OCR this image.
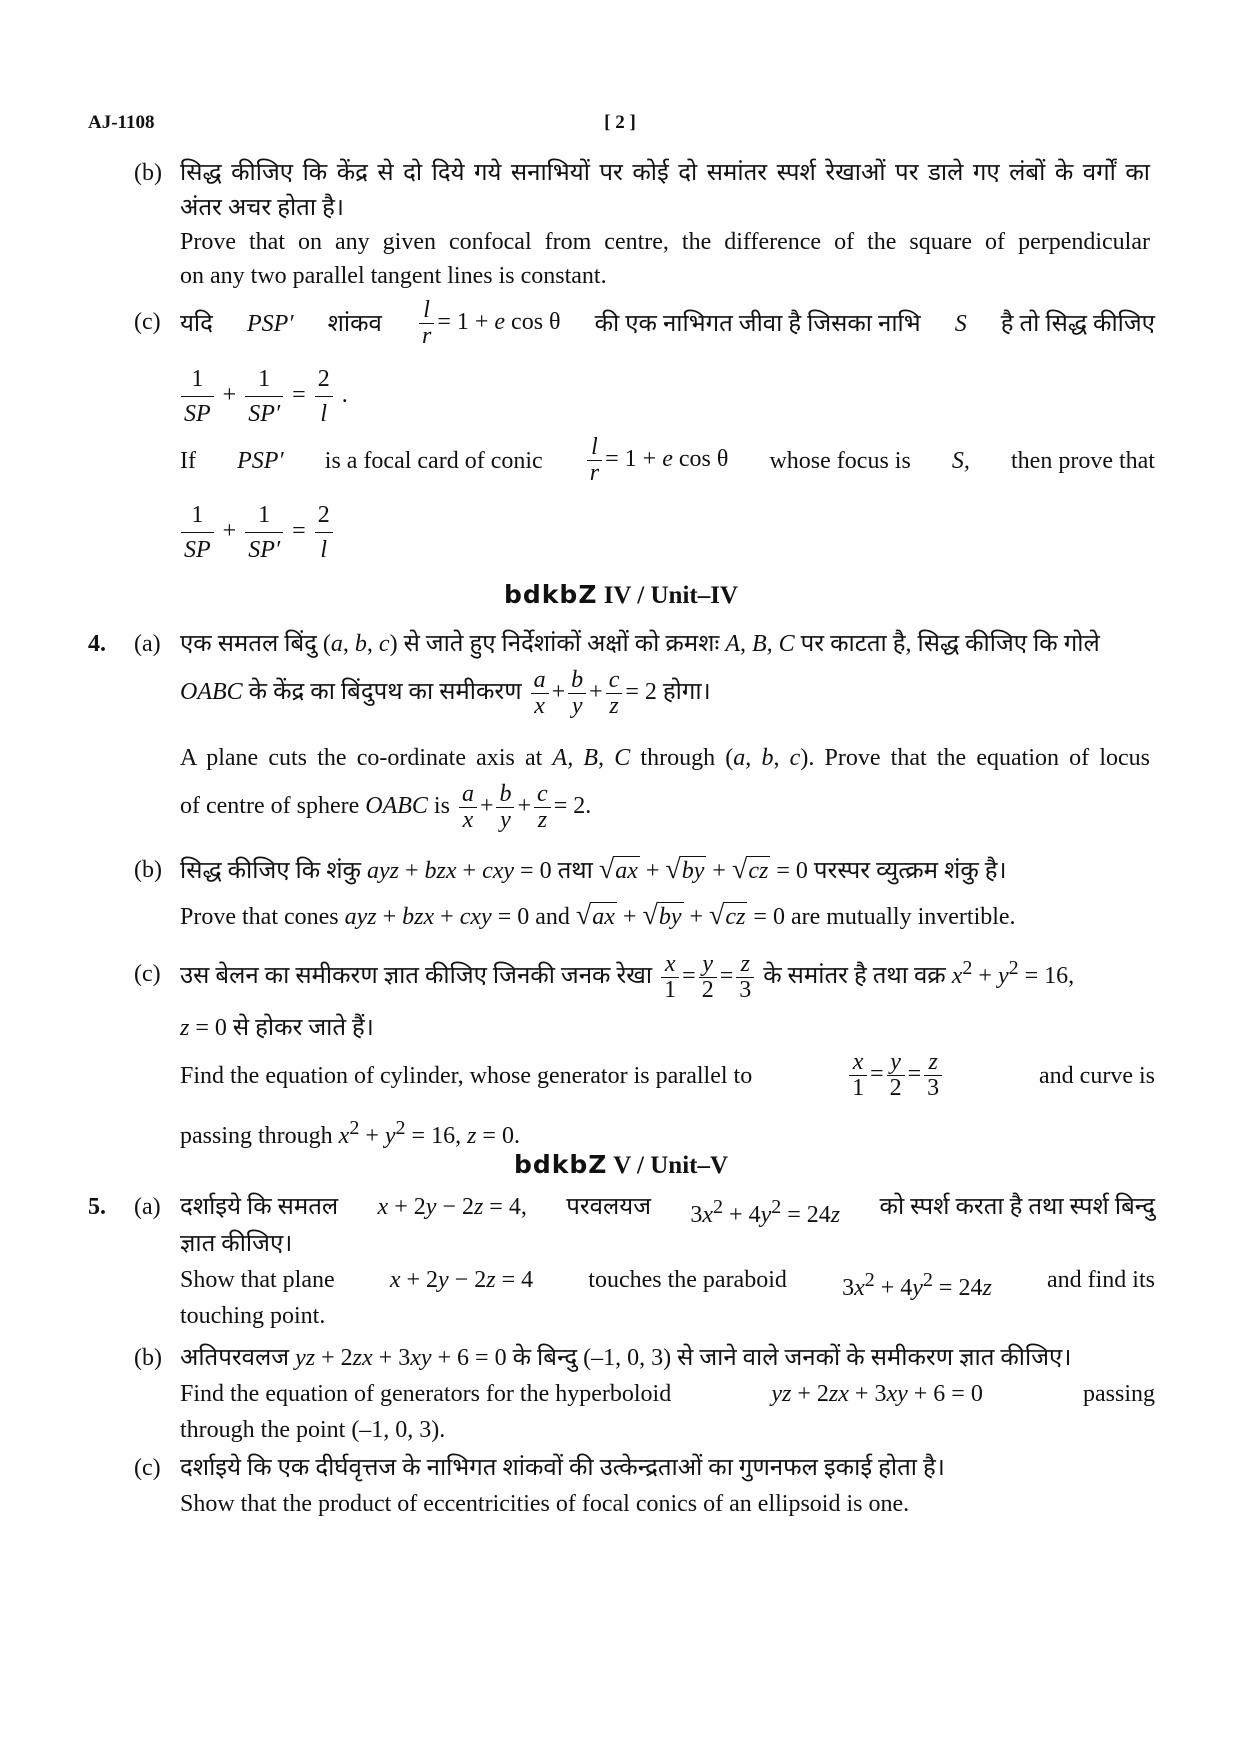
AJ-1108	[ 2 ]
(b) सिद्ध कीजिए कि केंद्र से दो दिये गये सनाभियों पर कोई दो समांतर स्पर्श रेखाओं पर डाले गए लंबों के वर्गों का
अंतर अचर होता है।
Prove that on any given confocal from centre, the difference of the square of perpendicular
on any two parallel tangent lines is constant.
(c) यदि PSP′ शांकव $\frac{l}{r} = 1 + e$ cos θ की एक नाभिगत जीवा है जिसका नाभि S है तो सिद्ध कीजिए
$\frac{1}{SP} + \frac{1}{SP'} = \frac{2}{l}$ .
If PSP′ is a focal card of conic $\frac{l}{r} = 1 + e$ cos θ whose focus is S, then prove that
$\frac{1}{SP} + \frac{1}{SP'} = \frac{2}{l}$
bdkbZ IV / Unit–IV
4. (a) एक समतल बिंदु (a, b, c) से जाते हुए निर्देशांकों अक्षों को क्रमशः A, B, C पर काटता है, सिद्ध कीजिए कि गोले
OABC के केंद्र का बिंदुपथ का समीकरण $\frac{a}{x} + \frac{b}{y} + \frac{c}{z} = 2$ होगा।
A plane cuts the co-ordinate axis at A, B, C through (a, b, c). Prove that the equation of locus
of centre of sphere OABC is $\frac{a}{x} + \frac{b}{y} + \frac{c}{z} = 2$.
(b) सिद्ध कीजिए कि शंकु ayz + bzx + cxy = 0 तथा √ax + √by + √cz = 0 परस्पर व्युत्क्रम शंकु है।
Prove that cones ayz + bzx + cxy = 0 and √ax + √by + √cz = 0 are mutually invertible.
(c) उस बेलन का समीकरण ज्ञात कीजिए जिनकी जनक रेखा $\frac{x}{1} = \frac{y}{2} = \frac{z}{3}$ के समांतर है तथा वक्र $x^2 + y^2 = 16$,
z = 0 से होकर जाते हैं।
Find the equation of cylinder, whose generator is parallel to	$\frac{x}{1} = \frac{y}{2} = \frac{z}{3}$	and curve is
passing through $x^2 + y^2 = 16$, z = 0.
bdkbZ V / Unit–V
5. (a) दर्शाइये कि समतल x + 2y − 2z = 4, परवलयज $3x^2 + 4y^2 = 24z$ को स्पर्श करता है तथा स्पर्श बिन्दु
ज्ञात कीजिए।
Show that plane x + 2y − 2z = 4 touches the paraboid $3x^2 + 4y^2 = 24z$ and find its
touching point.
(b) अतिपरवलज yz + 2zx + 3xy + 6 = 0 के बिन्दु (–1, 0, 3) से जाने वाले जनकों के समीकरण ज्ञात कीजिए।
Find the equation of generators for the hyperboloid	yz + 2zx + 3xy + 6 = 0	passing
through the point (–1, 0, 3).
(c) दर्शाइये कि एक दीर्घवृत्तज के नाभिगत शांकवों की उत्केन्द्रताओं का गुणनफल इकाई होता है।
Show that the product of eccentricities of focal conics of an ellipsoid is one.
